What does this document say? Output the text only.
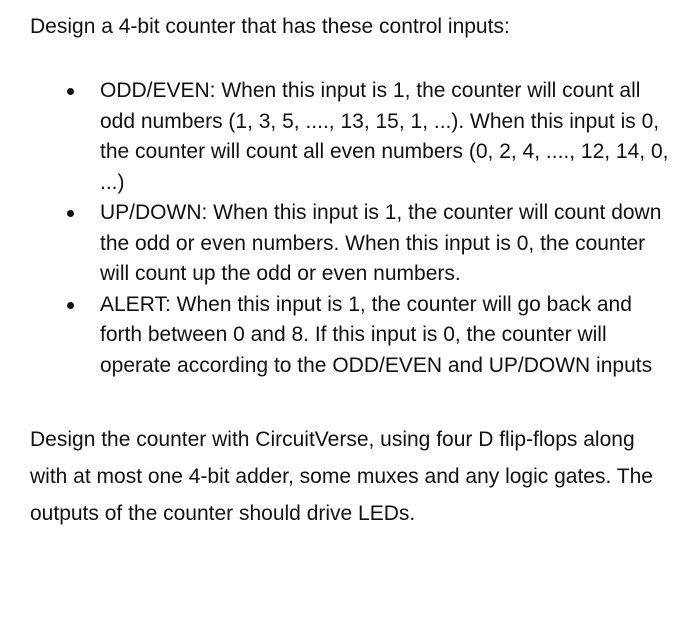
Design a 4-bit counter that has these control inputs:

ODD/EVEN: When this input is 1, the counter will count all odd numbers (1, 3, 5, ...., 13, 15, 1, ...). When this input is 0, the counter will count all even numbers (0, 2, 4, ...., 12, 14, 0, ...)
UP/DOWN: When this input is 1, the counter will count down the odd or even numbers. When this input is 0, the counter will count up the odd or even numbers.
ALERT: When this input is 1, the counter will go back and forth between 0 and 8. If this input is 0, the counter will operate according to the ODD/EVEN and UP/DOWN inputs

Design the counter with CircuitVerse, using four D flip-flops along with at most one 4-bit adder, some muxes and any logic gates. The outputs of the counter should drive LEDs.
